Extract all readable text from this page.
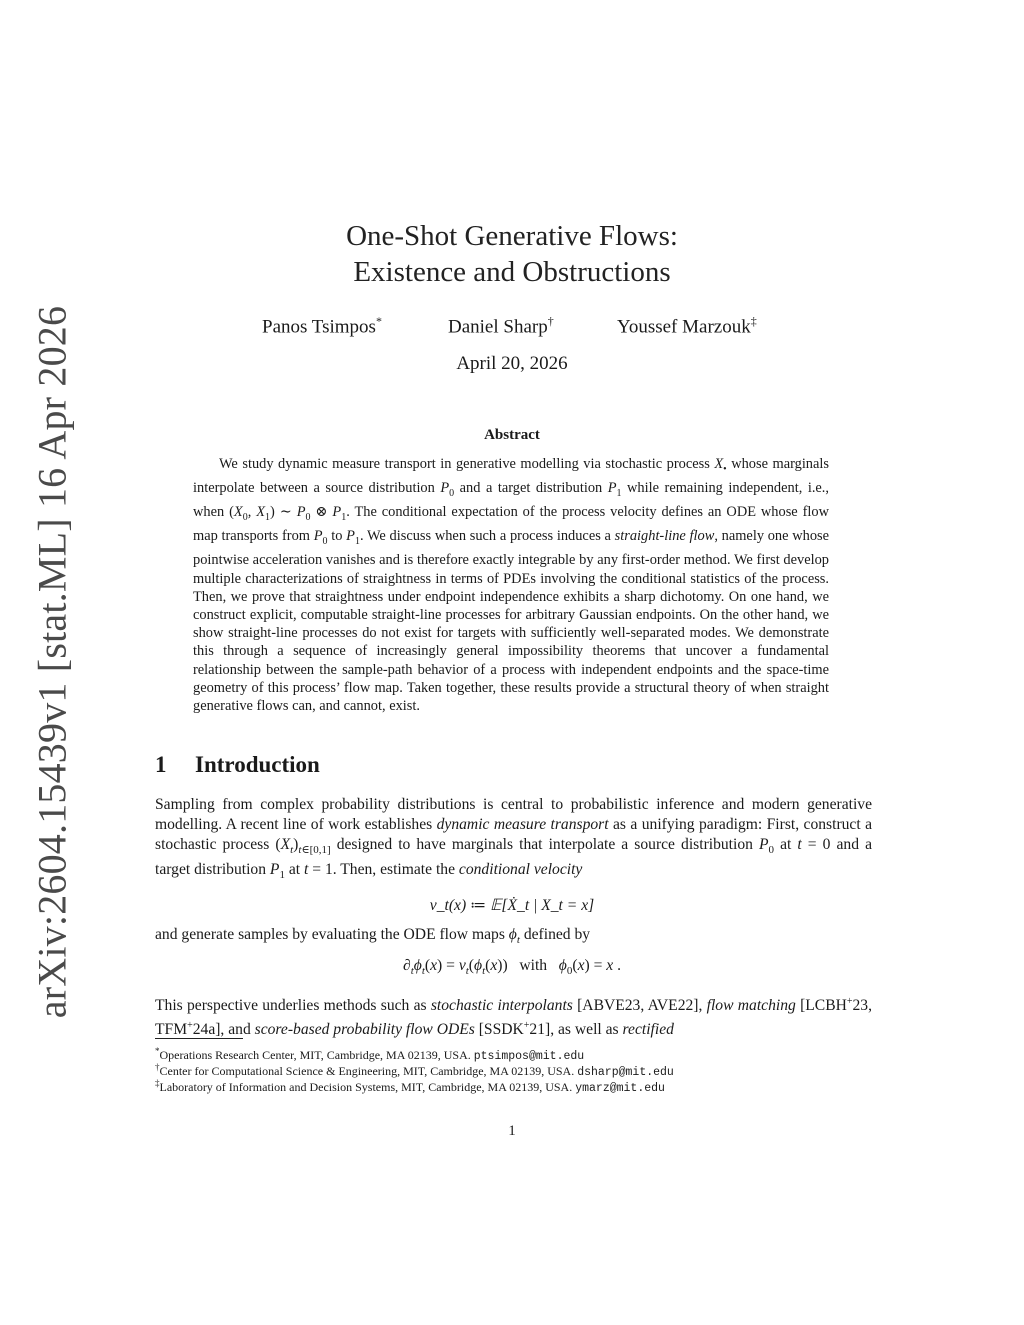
arXiv:2604.15439v1 [stat.ML] 16 Apr 2026
One-Shot Generative Flows:
Existence and Obstructions
Panos Tsimpos*	Daniel Sharp†	Youssef Marzouk‡
April 20, 2026
Abstract
We study dynamic measure transport in generative modelling via stochastic process $X_•$ whose marginals interpolate between a source distribution $P_0$ and a target distribution $P_1$ while remaining independent, i.e., when ($X_0$, $X_1$) ∼ $P_0$ ⊗ $P_1$. The conditional expectation of the process velocity defines an ODE whose flow map transports from $P_0$ to $P_1$. We discuss when such a process induces a straight-line flow, namely one whose pointwise acceleration vanishes and is therefore exactly integrable by any first-order method. We first develop multiple characterizations of straightness in terms of PDEs involving the conditional statistics of the process. Then, we prove that straightness under endpoint independence exhibits a sharp dichotomy. On one hand, we construct explicit, computable straight-line processes for arbitrary Gaussian endpoints. On the other hand, we show straight-line processes do not exist for targets with sufficiently well-separated modes. We demonstrate this through a sequence of increasingly general impossibility theorems that uncover a fundamental relationship between the sample-path behavior of a process with independent endpoints and the space-time geometry of this process’ flow map. Taken together, these results provide a structural theory of when straight generative flows can, and cannot, exist.
1 Introduction
Sampling from complex probability distributions is central to probabilistic inference and modern generative modelling. A recent line of work establishes dynamic measure transport as a unifying paradigm: First, construct a stochastic process $(X_t)_{t\in[0,1]}$ designed to have marginals that interpolate a source distribution $P_0$ at t = 0 and a target distribution $P_1$ at t = 1. Then, estimate the conditional velocity
v_t(x) ≔ 𝔼[Ẋ_t | X_t = x]
and generate samples by evaluating the ODE flow maps $\phi_t$ defined by
$\partial_t\phi_t(x) = v_t(\phi_t(x))$   with $\phi_0(x) = x$ .
This perspective underlies methods such as stochastic interpolants [ABVE23, AVE22], flow matching [LCBH+23, TFM+24a], and score-based probability flow ODEs [SSDK+21], as well as rectified
*Operations Research Center, MIT, Cambridge, MA 02139, USA. ptsimpos@mit.edu
†Center for Computational Science & Engineering, MIT, Cambridge, MA 02139, USA. dsharp@mit.edu
‡Laboratory of Information and Decision Systems, MIT, Cambridge, MA 02139, USA. ymarz@mit.edu
1
